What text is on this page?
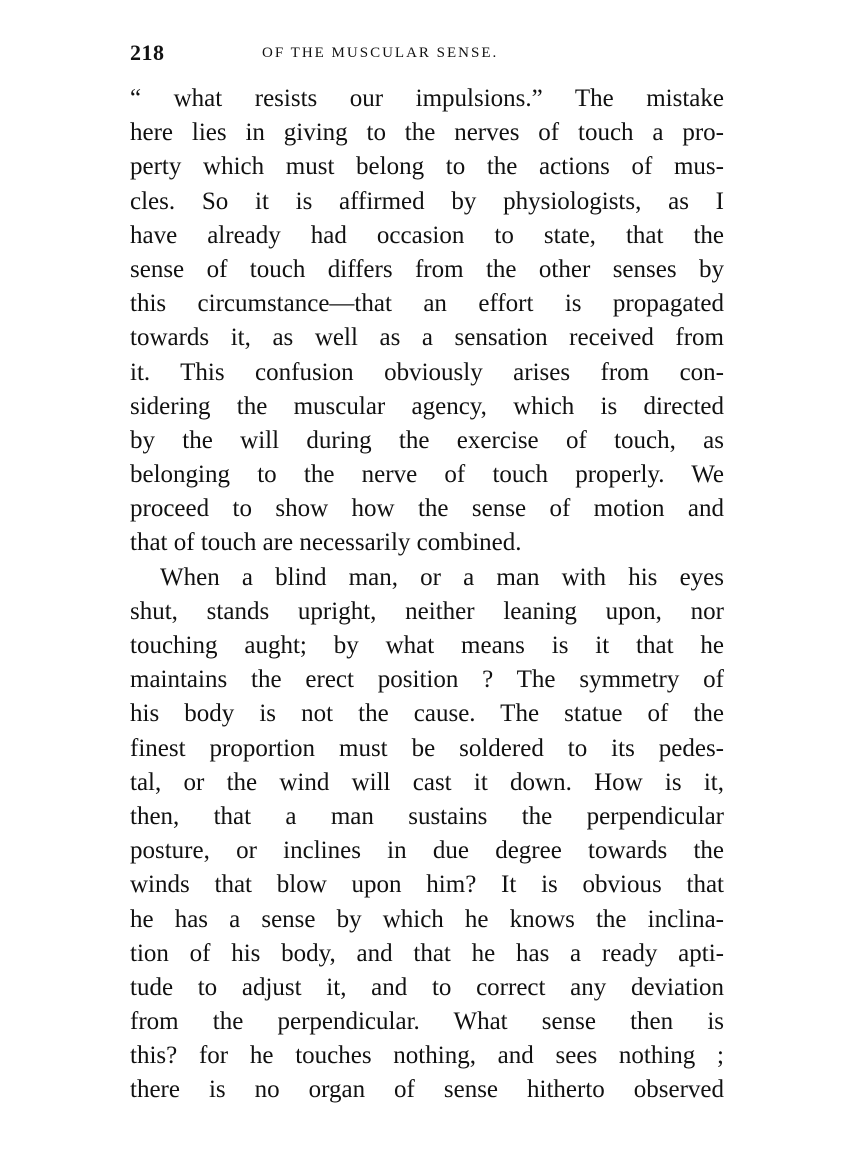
218	OF THE MUSCULAR SENSE.
“ what resists our impulsions.” The mistake
here lies in giving to the nerves of touch a pro-
perty which must belong to the actions of mus-
cles. So it is affirmed by physiologists, as I
have already had occasion to state, that the
sense of touch differs from the other senses by
this circumstance—that an effort is propagated
towards it, as well as a sensation received from
it. This confusion obviously arises from con-
sidering the muscular agency, which is directed
by the will during the exercise of touch, as
belonging to the nerve of touch properly. We
proceed to show how the sense of motion and
that of touch are necessarily combined.
When a blind man, or a man with his eyes
shut, stands upright, neither leaning upon, nor
touching aught; by what means is it that he
maintains the erect position ? The symmetry of
his body is not the cause. The statue of the
finest proportion must be soldered to its pedes-
tal, or the wind will cast it down. How is it,
then, that a man sustains the perpendicular
posture, or inclines in due degree towards the
winds that blow upon him? It is obvious that
he has a sense by which he knows the inclina-
tion of his body, and that he has a ready apti-
tude to adjust it, and to correct any deviation
from the perpendicular. What sense then is
this? for he touches nothing, and sees nothing ;
there is no organ of sense hitherto observed
